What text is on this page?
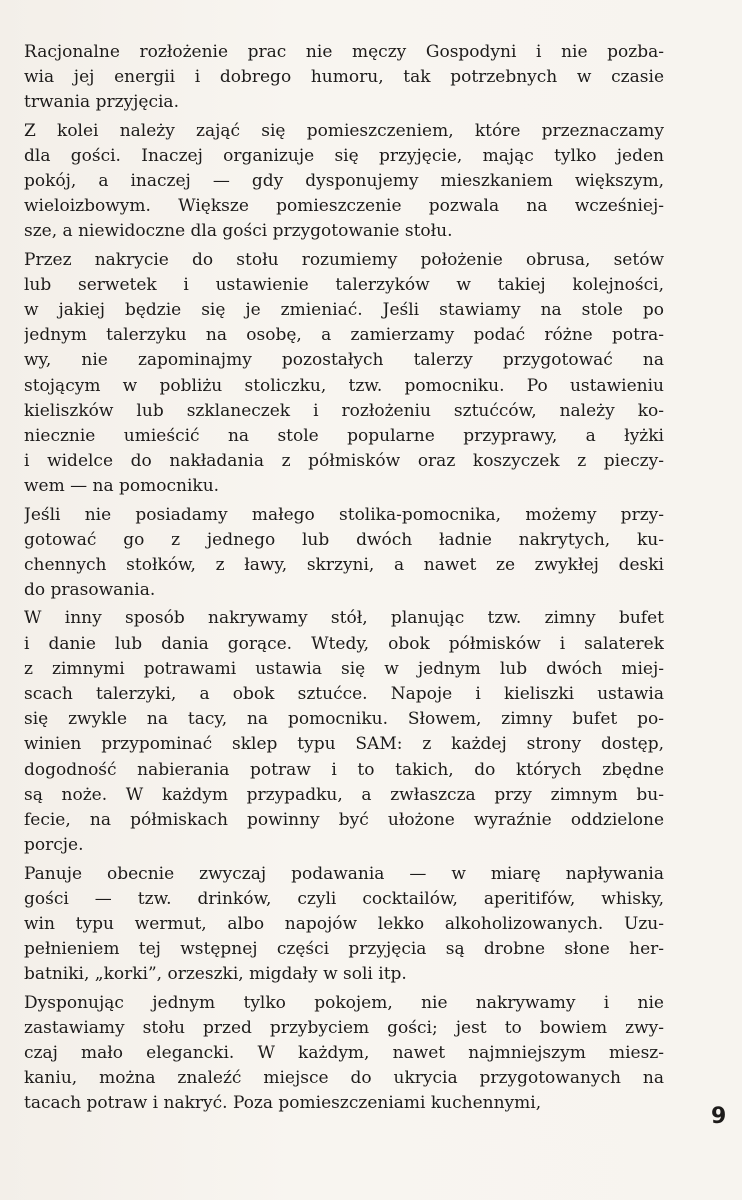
Racjonalne rozłożenie prac nie męczy Gospodyni i nie pozba-
wia jej energii i dobrego humoru, tak potrzebnych w czasie
trwania przyjęcia.
Z kolei należy zająć się pomieszczeniem, które przeznaczamy
dla gości. Inaczej organizuje się przyjęcie, mając tylko jeden
pokój, a inaczej — gdy dysponujemy mieszkaniem większym,
wieloizbowym. Większe pomieszczenie pozwala na wcześniej-
sze, a niewidoczne dla gości przygotowanie stołu.
Przez nakrycie do stołu rozumiemy położenie obrusa, setów
lub serwetek i ustawienie talerzyków w takiej kolejności,
w jakiej będzie się je zmieniać. Jeśli stawiamy na stole po
jednym talerzyku na osobę, a zamierzamy podać różne potra-
wy, nie zapominajmy pozostałych talerzy przygotować na
stojącym w pobliżu stoliczku, tzw. pomocniku. Po ustawieniu
kieliszków lub szklaneczek i rozłożeniu sztućców, należy ko-
niecznie umieścić na stole popularne przyprawy, a łyżki
i widelce do nakładania z półmisków oraz koszyczek z pieczy-
wem — na pomocniku.
Jeśli nie posiadamy małego stolika-pomocnika, możemy przy-
gotować go z jednego lub dwóch ładnie nakrytych, ku-
chennych stołków, z ławy, skrzyni, a nawet ze zwykłej deski
do prasowania.
W inny sposób nakrywamy stół, planując tzw. zimny bufet
i danie lub dania gorące. Wtedy, obok półmisków i salaterek
z zimnymi potrawami ustawia się w jednym lub dwóch miej-
scach talerzyki, a obok sztućce. Napoje i kieliszki ustawia
się zwykle na tacy, na pomocniku. Słowem, zimny bufet po-
winien przypominać sklep typu SAM: z każdej strony dostęp,
dogodność nabierania potraw i to takich, do których zbędne
są noże. W każdym przypadku, a zwłaszcza przy zimnym bu-
fecie, na półmiskach powinny być ułożone wyraźnie oddzielone
porcje.
Panuje obecnie zwyczaj podawania — w miarę napływania
gości — tzw. drinków, czyli cocktailów, aperitifów, whisky,
win typu wermut, albo napojów lekko alkoholizowanych. Uzu-
pełnieniem tej wstępnej części przyjęcia są drobne słone her-
batniki, „korki”, orzeszki, migdały w soli itp.
Dysponując jednym tylko pokojem, nie nakrywamy i nie
zastawiamy stołu przed przybyciem gości; jest to bowiem zwy-
czaj mało elegancki. W każdym, nawet najmniejszym miesz-
kaniu, można znaleźć miejsce do ukrycia przygotowanych na
tacach potraw i nakryć. Poza pomieszczeniami kuchennymi,
9
